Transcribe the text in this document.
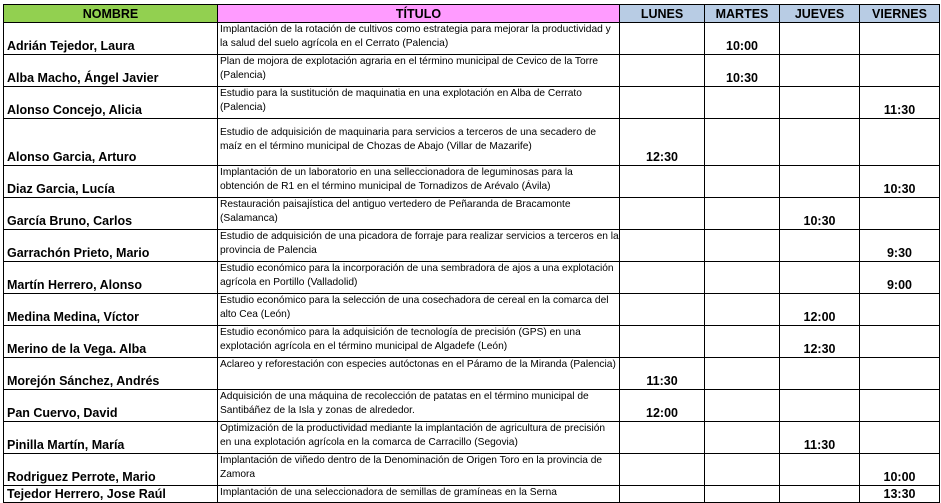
NOMBRE	TÍTULO	LUNES	MARTES	JUEVES	VIERNES
Adrián Tejedor, Laura	Implantación de la rotación de cultivos como estrategia para mejorar la productividad y la salud del suelo agrícola en el Cerrato (Palencia)		10:00		
Alba Macho, Ángel Javier	Plan de mojora de explotación agraria en el término municipal de Cevico de la Torre (Palencia)		10:30		
Alonso Concejo, Alicia	Estudio para la sustitución de maquinatia en una explotación en Alba de Cerrato (Palencia)				11:30
Alonso Garcia, Arturo	Estudio de adquisición de maquinaria para servicios a terceros de una secadero de maíz en el término municipal de Chozas de Abajo (Villar de Mazarife)	12:30			
Diaz Garcia, Lucía	Implantación de un laboratorio en una selleccionadora de leguminosas para la obtención de R1 en el término municipal de Tornadizos de Arévalo (Ávila)				10:30
García Bruno, Carlos	Restauración paisajística del antiguo vertedero de Peñaranda de Bracamonte (Salamanca)			10:30	
Garrachón Prieto, Mario	Estudio de adquisición de una picadora de forraje para realizar servicios a terceros en la provincia de Palencia				9:30
Martín Herrero, Alonso	Estudio económico para la incorporación de una sembradora de ajos a una explotación agrícola en Portillo (Valladolid)				9:00
Medina Medina, Víctor	Estudio económico para la selección de una cosechadora de cereal en la comarca del alto Cea (León)			12:00	
Merino de la Vega. Alba	Estudio económico para la adquisición de tecnología de precisión (GPS) en una explotación agrícola en el término municipal de Algadefe (León)			12:30	
Morejón Sánchez, Andrés	Aclareo y reforestación con especies autóctonas en el Páramo de la Miranda (Palencia)	11:30			
Pan Cuervo, David	Adquisición de una máquina de recolección de patatas en el término municipal de Santibáñez de la Isla y zonas de alrededor.	12:00			
Pinilla Martín, María	Optimización de la productividad mediante la implantación de agricultura de precisión en una explotación agrícola en la comarca de Carracillo (Segovia)			11:30	
Rodriguez Perrote, Mario	Implantación de viñedo dentro de la Denominación de Origen Toro en la provincia de Zamora				10:00
Tejedor Herrero, Jose Raúl	Implantación de una seleccionadora de semillas de gramíneas en la Serna				13:30
